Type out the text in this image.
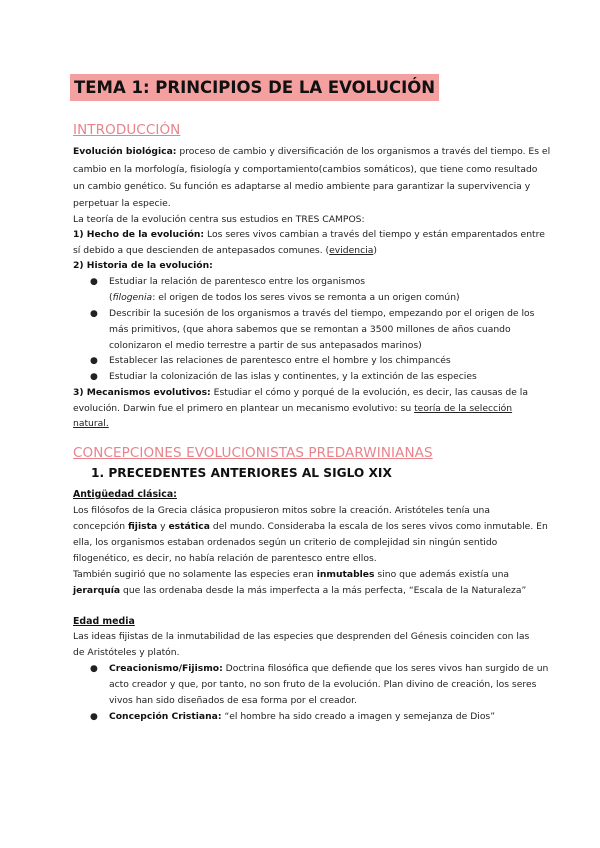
TEMA 1: PRINCIPIOS DE LA EVOLUCIÓN
INTRODUCCIÓN
Evolución biológica: proceso de cambio y diversificación de los organismos a través del tiempo. Es el
cambio en la morfología, fisiología y comportamiento(cambios somáticos), que tiene como resultado
un cambio genético. Su función es adaptarse al medio ambiente para garantizar la supervivencia y
perpetuar la especie.
La teoría de la evolución centra sus estudios en TRES CAMPOS:
1) Hecho de la evolución: Los seres vivos cambian a través del tiempo y están emparentados entre
sí debido a que descienden de antepasados comunes. (evidencia)
2) Historia de la evolución:
● Estudiar la relación de parentesco entre los organismos
(filogenia: el origen de todos los seres vivos se remonta a un origen común)
● Describir la sucesión de los organismos a través del tiempo, empezando por el origen de los
más primitivos, (que ahora sabemos que se remontan a 3500 millones de años cuando
colonizaron el medio terrestre a partir de sus antepasados marinos)
● Establecer las relaciones de parentesco entre el hombre y los chimpancés
● Estudiar la colonización de las islas y continentes, y la extinción de las especies
3) Mecanismos evolutivos: Estudiar el cómo y porqué de la evolución, es decir, las causas de la
evolución. Darwin fue el primero en plantear un mecanismo evolutivo: su teoría de la selección
natural.
CONCEPCIONES EVOLUCIONISTAS PREDARWINIANAS
1. PRECEDENTES ANTERIORES AL SIGLO XIX
Antigüedad clásica:
Los filósofos de la Grecia clásica propusieron mitos sobre la creación. Aristóteles tenía una
concepción fijista y estática del mundo. Consideraba la escala de los seres vivos como inmutable. En
ella, los organismos estaban ordenados según un criterio de complejidad sin ningún sentido
filogenético, es decir, no había relación de parentesco entre ellos.
También sugirió que no solamente las especies eran inmutables sino que además existía una
jerarquía que las ordenaba desde la más imperfecta a la más perfecta, “Escala de la Naturaleza”
Edad media
Las ideas fijistas de la inmutabilidad de las especies que desprenden del Génesis coinciden con las
de Aristóteles y platón.
● Creacionismo/Fijismo: Doctrina filosófica que defiende que los seres vivos han surgido de un
acto creador y que, por tanto, no son fruto de la evolución. Plan divino de creación, los seres
vivos han sido diseñados de esa forma por el creador.
● Concepción Cristiana: “el hombre ha sido creado a imagen y semejanza de Dios”
